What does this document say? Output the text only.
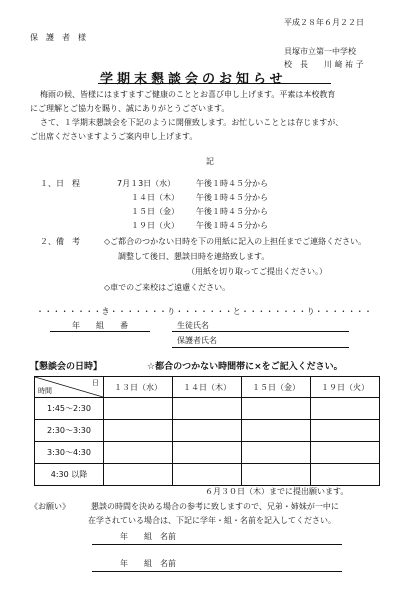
平成２８年６月２２日
保　護　者　様
貝塚市立第一中学校
校　長　　川 﨑 祐 子
学期末懇談会のお知らせ
梅雨の候、皆様にはますますご健康のこととお喜び申し上げます。平素は本校教育
にご理解とご協力を賜り、誠にありがとうございます。
さて、１学期末懇談会を下記のように開催致します。お忙しいこととは存じますが、
ご出席くださいますようご案内申し上げます。
記
１、日　程	7月１3日（水）	午後１時４５分から
１４日（木） 午後１時４５分から
１５日（金） 午後１時４５分から
１９日（火） 午後１時４５分から
２、備　考	◇ご都合のつかない日時を下の用紙に記入の上担任までご連絡ください。
調整して後日、懇談日時を連絡致します。
（用紙を切り取ってご提出ください。）
◇車でのご来校はご遠慮ください。
・・・・・・・・き・・・・・・・り・・・・・・・と・・・・・・・・り・・・・・・・
年　　組　　番	生徒氏名
保護者氏名
【懇談会の日時】	☆都合のつかない時間帯に×をご記入ください。
日
時間	１３日（水）	１４日（木）	１５日（金）	１９日（火）
1:45〜2:30				
2:30〜3:30				
3:30〜4:30				
4:30 以降				
６月３０日（木）までに提出願います。
《お願い》	懇談の時間を決める場合の参考に致しますので、兄弟・姉妹が一中に
在学されている場合は、下記に学年・組・名前を記入してください。
年　　組　名前
年　　組　名前
